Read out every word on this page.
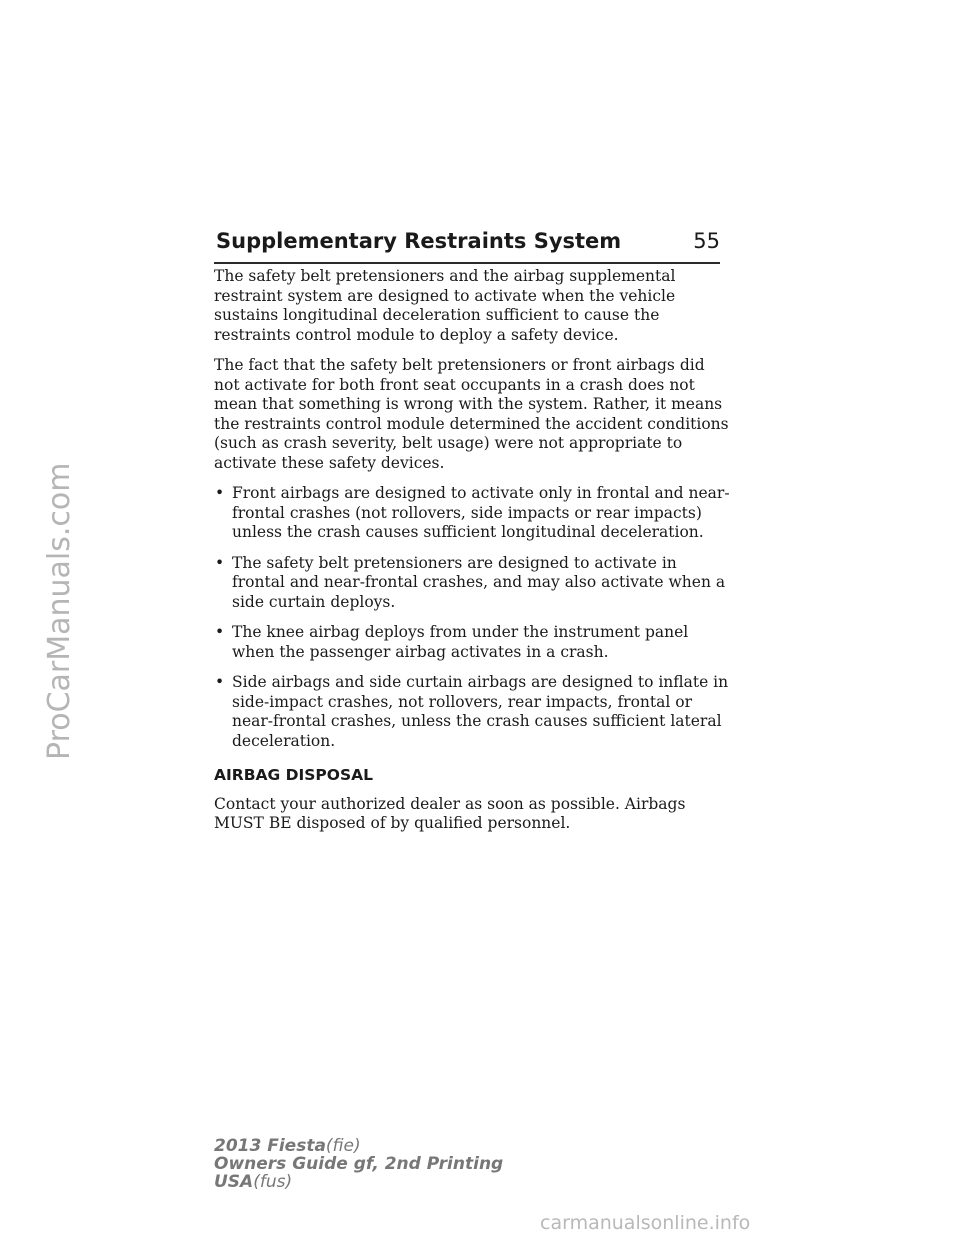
ProCarManuals.com
Supplementary Restraints System	55

The safety belt pretensioners and the airbag supplemental restraint system are designed to activate when the vehicle sustains longitudinal deceleration sufficient to cause the restraints control module to deploy a safety device.

The fact that the safety belt pretensioners or front airbags did not activate for both front seat occupants in a crash does not mean that something is wrong with the system. Rather, it means the restraints control module determined the accident conditions (such as crash severity, belt usage) were not appropriate to activate these safety devices.

• Front airbags are designed to activate only in frontal and near-frontal crashes (not rollovers, side impacts or rear impacts) unless the crash causes sufficient longitudinal deceleration.
• The safety belt pretensioners are designed to activate in frontal and near-frontal crashes, and may also activate when a side curtain deploys.
• The knee airbag deploys from under the instrument panel when the passenger airbag activates in a crash.
• Side airbags and side curtain airbags are designed to inflate in side-impact crashes, not rollovers, rear impacts, frontal or near-frontal crashes, unless the crash causes sufficient lateral deceleration.
AIRBAG DISPOSAL

Contact your authorized dealer as soon as possible. Airbags MUST BE disposed of by qualified personnel.

2013 Fiesta(fie)
Owners Guide gf, 2nd Printing
USA(fus)
carmanualsonline.info
